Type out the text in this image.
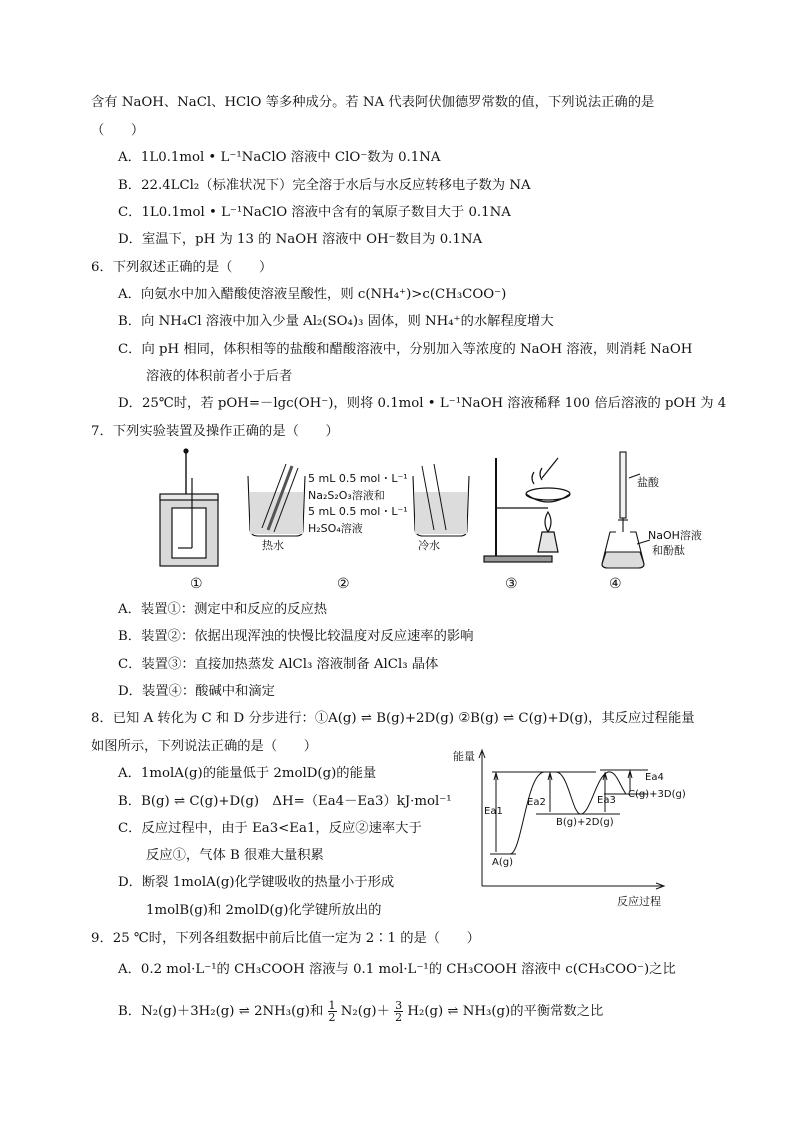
含有 NaOH、NaCl、HClO 等多种成分。若 NA 代表阿伏伽德罗常数的值，下列说法正确的是
（　　）
A．1L0.1mol • L⁻¹NaClO 溶液中 ClO⁻数为 0.1NA
B．22.4LCl₂（标准状况下）完全溶于水后与水反应转移电子数为 NA
C．1L0.1mol • L⁻¹NaClO 溶液中含有的氧原子数目大于 0.1NA
D．室温下，pH 为 13 的 NaOH 溶液中 OH⁻数目为 0.1NA
6．下列叙述正确的是（　　）
A．向氨水中加入醋酸使溶液呈酸性，则 c(NH₄⁺)>c(CH₃COO⁻)
B．向 NH₄Cl 溶液中加入少量 Al₂(SO₄)₃ 固体，则 NH₄⁺的水解程度增大
C．向 pH 相同，体积相等的盐酸和醋酸溶液中，分别加入等浓度的 NaOH 溶液，则消耗 NaOH
溶液的体积前者小于后者
D．25℃时，若 pOH=－lgc(OH⁻)，则将 0.1mol • L⁻¹NaOH 溶液稀释 100 倍后溶液的 pOH 为 4
7．下列实验装置及操作正确的是（　　）
5 mL 0.5 mol・L⁻¹
Na₂S₂O₃溶液和
5 mL 0.5 mol・L⁻¹
H₂SO₄溶液
热水	冷水
盐酸
NaOH溶液
和酚酞
①	②	③	④
A．装置①：测定中和反应的反应热
B．装置②：依据出现浑浊的快慢比较温度对反应速率的影响
C．装置③：直接加热蒸发 AlCl₃ 溶液制备 AlCl₃ 晶体
D．装置④：酸碱中和滴定
8．已知 A 转化为 C 和 D 分步进行：①A(g) ⇌ B(g)+2D(g) ②B(g) ⇌ C(g)+D(g)，其反应过程能量
如图所示，下列说法正确的是（　　）
A．1molA(g)的能量低于 2molD(g)的能量
B．B(g) ⇌ C(g)+D(g)　ΔH=（Ea4－Ea3）kJ·mol⁻¹
C．反应过程中，由于 Ea3<Ea1，反应②速率大于
反应①，气体 B 很难大量积累
D．断裂 1molA(g)化学键吸收的热量小于形成
1molB(g)和 2molD(g)化学键所放出的
能量
反应过程
Ea1
Ea2	Ea3
Ea4
A(g)
B(g)+2D(g)
C(g)+3D(g)
9．25 ℃时，下列各组数据中前后比值一定为 2∶1 的是（　　）
A．0.2 mol·L⁻¹的 CH₃COOH 溶液与 0.1 mol·L⁻¹的 CH₃COOH 溶液中 c(CH₃COO⁻)之比
B．N₂(g)＋3H₂(g) ⇌ 2NH₃(g)和 $\frac{1}{2} N_2(g)+ \frac{3}{2} H_2(g)$ ⇌ NH₃(g)的平衡常数之比
